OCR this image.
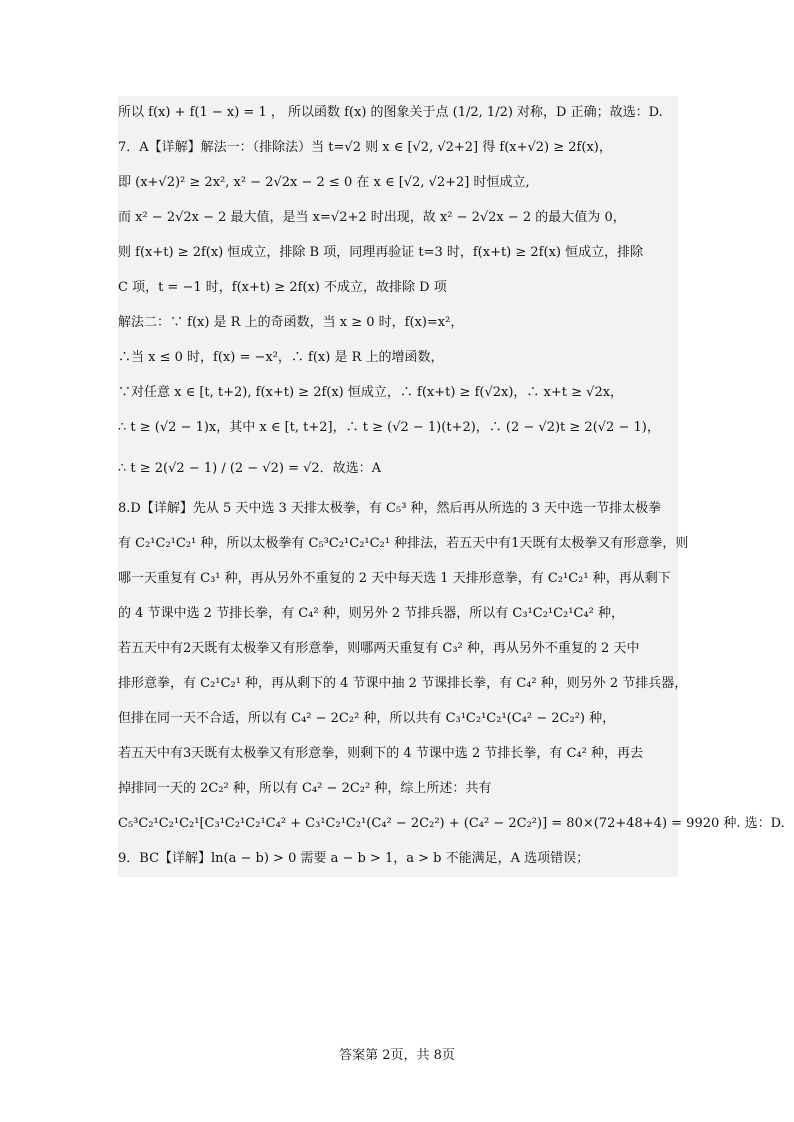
所以 f(x) + f(1 − x) = 1 ， 所以函数 f(x) 的图象关于点 (1/2, 1/2) 对称，D 正确；故选：D.

7．A【详解】解法一：（排除法）当 t=√2 则 x ∈ [√2, √2+2] 得 f(x+√2) ≥ 2f(x)，

即 (x+√2)² ≥ 2x², x² − 2√2x − 2 ≤ 0 在 x ∈ [√2, √2+2] 时恒成立,

而 x² − 2√2x − 2 最大值，是当 x=√2+2 时出现，故 x² − 2√2x − 2 的最大值为 0，

则 f(x+t) ≥ 2f(x) 恒成立，排除 B 项，同理再验证 t=3 时，f(x+t) ≥ 2f(x) 恒成立，排除

C 项，t = −1 时，f(x+t) ≥ 2f(x) 不成立，故排除 D 项

解法二：∵ f(x) 是 R 上的奇函数，当 x ≥ 0 时，f(x)=x²，

∴当 x ≤ 0 时，f(x) = −x²，∴ f(x) 是 R 上的增函数，

∵对任意 x ∈ [t, t+2), f(x+t) ≥ 2f(x) 恒成立，∴ f(x+t) ≥ f(√2x)，∴ x+t ≥ √2x，

∴ t ≥ (√2 − 1)x，其中 x ∈ [t, t+2]，∴ t ≥ (√2 − 1)(t+2)，∴ (2 − √2)t ≥ 2(√2 − 1)，

∴ t ≥ 2(√2 − 1) / (2 − √2) = √2．故选：A

8.D【详解】先从 5 天中选 3 天排太极拳，有 C₅³ 种，然后再从所选的 3 天中选一节排太极拳

有 C₂¹C₂¹C₂¹ 种，所以太极拳有 C₅³C₂¹C₂¹C₂¹ 种排法，若五天中有1天既有太极拳又有形意拳，则

哪一天重复有 C₃¹ 种，再从另外不重复的 2 天中每天选 1 天排形意拳，有 C₂¹C₂¹ 种，再从剩下

的 4 节课中选 2 节排长拳，有 C₄² 种，则另外 2 节排兵器，所以有 C₃¹C₂¹C₂¹C₄² 种，

若五天中有2天既有太极拳又有形意拳，则哪两天重复有 C₃² 种，再从另外不重复的 2 天中

排形意拳，有 C₂¹C₂¹ 种，再从剩下的 4 节课中抽 2 节课排长拳，有 C₄² 种，则另外 2 节排兵器，

但排在同一天不合适，所以有 C₄² − 2C₂² 种，所以共有 C₃¹C₂¹C₂¹(C₄² − 2C₂²) 种，

若五天中有3天既有太极拳又有形意拳，则剩下的 4 节课中选 2 节排长拳，有 C₄² 种，再去

掉排同一天的 2C₂² 种，所以有 C₄² − 2C₂² 种，综上所述：共有

C₅³C₂¹C₂¹C₂¹[C₃¹C₂¹C₂¹C₄² + C₃¹C₂¹C₂¹(C₄² − 2C₂²) + (C₄² − 2C₂²)] = 80×(72+48+4) = 9920 种. 选：D.

9．BC【详解】ln(a − b) > 0 需要 a − b > 1，a > b 不能满足，A 选项错误；

答案第 2页，共 8页
